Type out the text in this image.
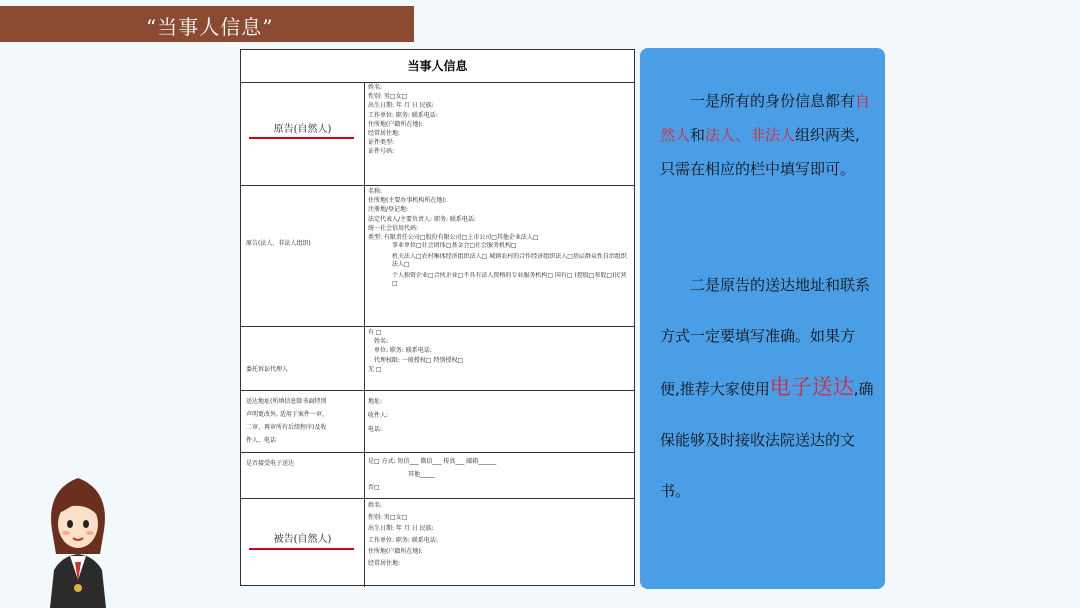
“当事人信息”
当事人信息
原告(自然人)
姓名:
性别: 男□女□
出生日期: 年 月 日 民族:
工作单位: 职务: 联系电话:
住所地(户籍所在地):
经常居住地:
证件类型:
证件号码:
原告(法人、非法人组织)
名称:
住所地(主要办事机构所在地):
注册地/登记地:
法定代表人/主要负责人: 职务: 联系电话:
统一社会信用代码:
类型: 有限责任公司□股份有限公司□上市公司□其他企业法人□
事业单位□社会团体□基金会□社会服务机构□
机关法人□农村集体经济组织法人□ 城镇农村的合作经济组织法人□基层群众性自治组织法人□
个人独资企业□合伙企业□不具有法人资格的专业服务机构□ 国有□ (控股□参股□)民营□
委托诉讼代理人
有 □
姓名:
单位: 职务: 联系电话:
代理权限: 一般授权□ 特别授权□
无 □
送达地址(所填信息除书面特别
声明更改外, 适用于案件一审、
二审、再审所有后续程序)及收
件人、电话
地址:
收件人:
电话:
是否接受电子送达	是□ 方式: 短信___ 微信___ 传真___ 邮箱______
其他_____
否□
被告(自然人)
姓名:
性别: 男□女□
出生日期: 年 月 日 民族:
工作单位: 职务: 联系电话:
住所地(户籍所在地):
经常居住地:

一是所有的身份信息都有自然人和法人、非法人组织两类,只需在相应的栏中填写即可。

二是原告的送达地址和联系方式一定要填写准确。如果方便,推荐大家使用电子送达,确保能够及时接收法院送达的文书。
